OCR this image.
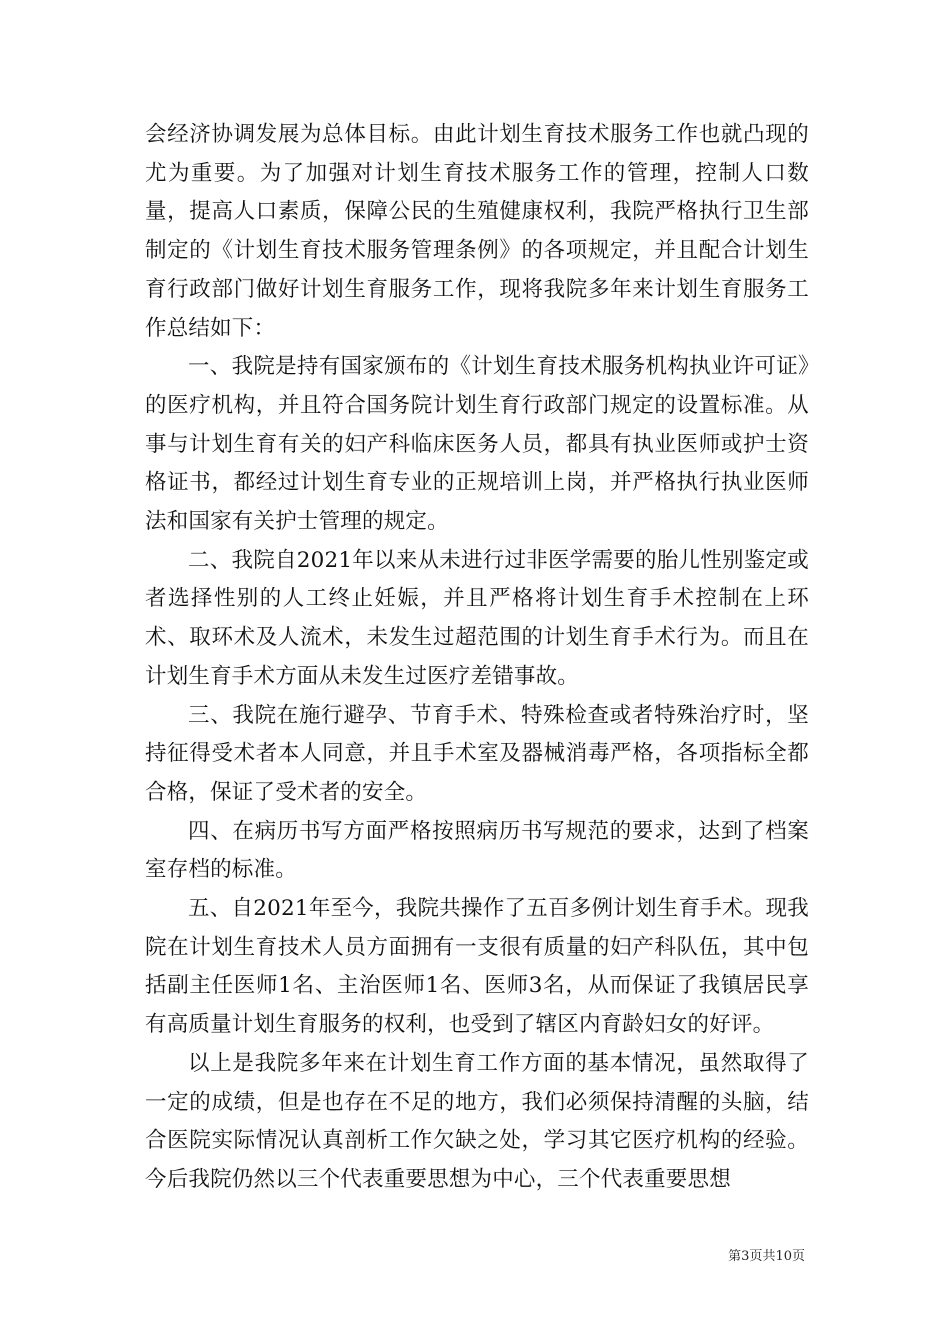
会经济协调发展为总体目标。由此计划生育技术服务工作也就凸现的尤为重要。为了加强对计划生育技术服务工作的管理，控制人口数量，提高人口素质，保障公民的生殖健康权利，我院严格执行卫生部制定的《计划生育技术服务管理条例》的各项规定，并且配合计划生育行政部门做好计划生育服务工作，现将我院多年来计划生育服务工作总结如下：

一、我院是持有国家颁布的《计划生育技术服务机构执业许可证》的医疗机构，并且符合国务院计划生育行政部门规定的设置标准。从事与计划生育有关的妇产科临床医务人员，都具有执业医师或护士资格证书，都经过计划生育专业的正规培训上岗，并严格执行执业医师法和国家有关护士管理的规定。

二、我院自2021年以来从未进行过非医学需要的胎儿性别鉴定或者选择性别的人工终止妊娠，并且严格将计划生育手术控制在上环术、取环术及人流术，未发生过超范围的计划生育手术行为。而且在计划生育手术方面从未发生过医疗差错事故。

三、我院在施行避孕、节育手术、特殊检查或者特殊治疗时，坚持征得受术者本人同意，并且手术室及器械消毒严格，各项指标全都合格，保证了受术者的安全。

四、在病历书写方面严格按照病历书写规范的要求，达到了档案室存档的标准。

五、自2021年至今，我院共操作了五百多例计划生育手术。现我院在计划生育技术人员方面拥有一支很有质量的妇产科队伍，其中包括副主任医师1名、主治医师1名、医师3名，从而保证了我镇居民享有高质量计划生育服务的权利，也受到了辖区内育龄妇女的好评。

以上是我院多年来在计划生育工作方面的基本情况，虽然取得了一定的成绩，但是也存在不足的地方，我们必须保持清醒的头脑，结合医院实际情况认真剖析工作欠缺之处，学习其它医疗机构的经验。今后我院仍然以三个代表重要思想为中心，三个代表重要思想

第3页共10页
